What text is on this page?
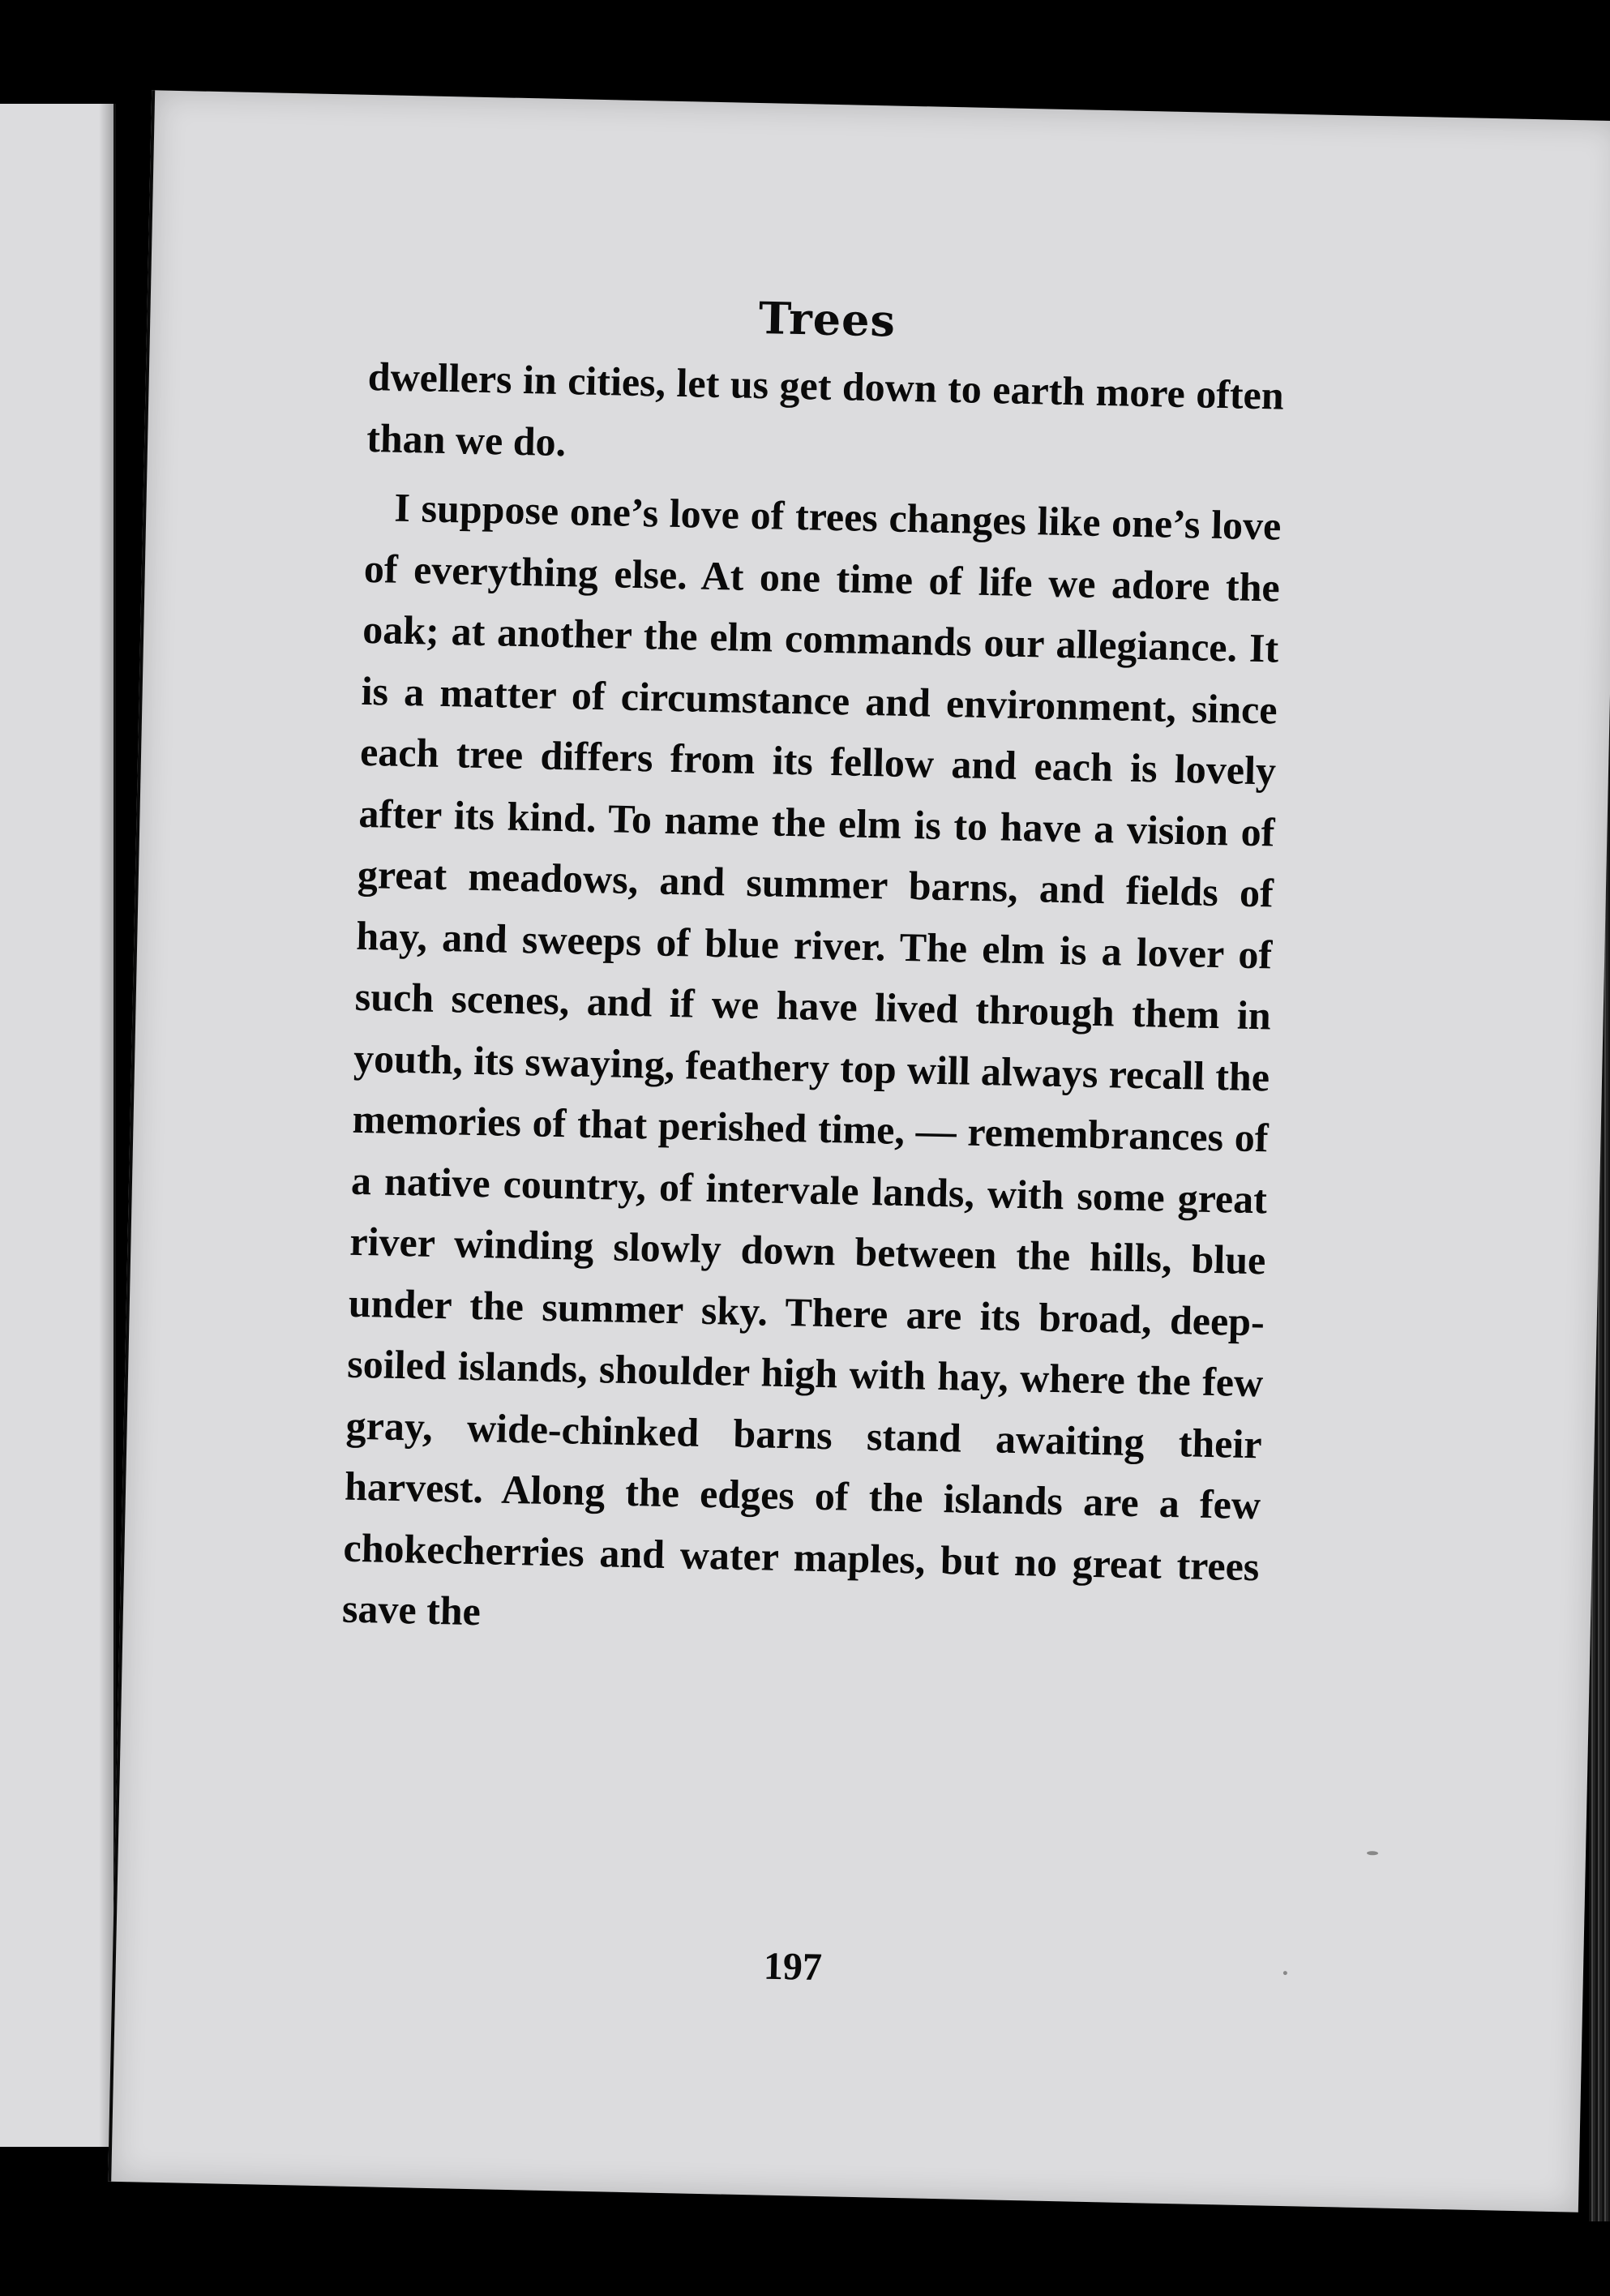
Trees

dwellers in cities, let us get down to earth more often than we do.

I suppose one’s love of trees changes like one’s love of everything else. At one time of life we adore the oak; at another the elm commands our allegiance. It is a matter of circumstance and environment, since each tree differs from its fellow and each is lovely after its kind. To name the elm is to have a vision of great meadows, and summer barns, and fields of hay, and sweeps of blue river. The elm is a lover of such scenes, and if we have lived through them in youth, its swaying, feathery top will always recall the memories of that perished time, — remembrances of a native country, of intervale lands, with some great river winding slowly down between the hills, blue under the summer sky. There are its broad, deep-soiled islands, shoulder high with hay, where the few gray, wide-chinked barns stand awaiting their harvest. Along the edges of the islands are a few chokecherries and water maples, but no great trees save the

197
